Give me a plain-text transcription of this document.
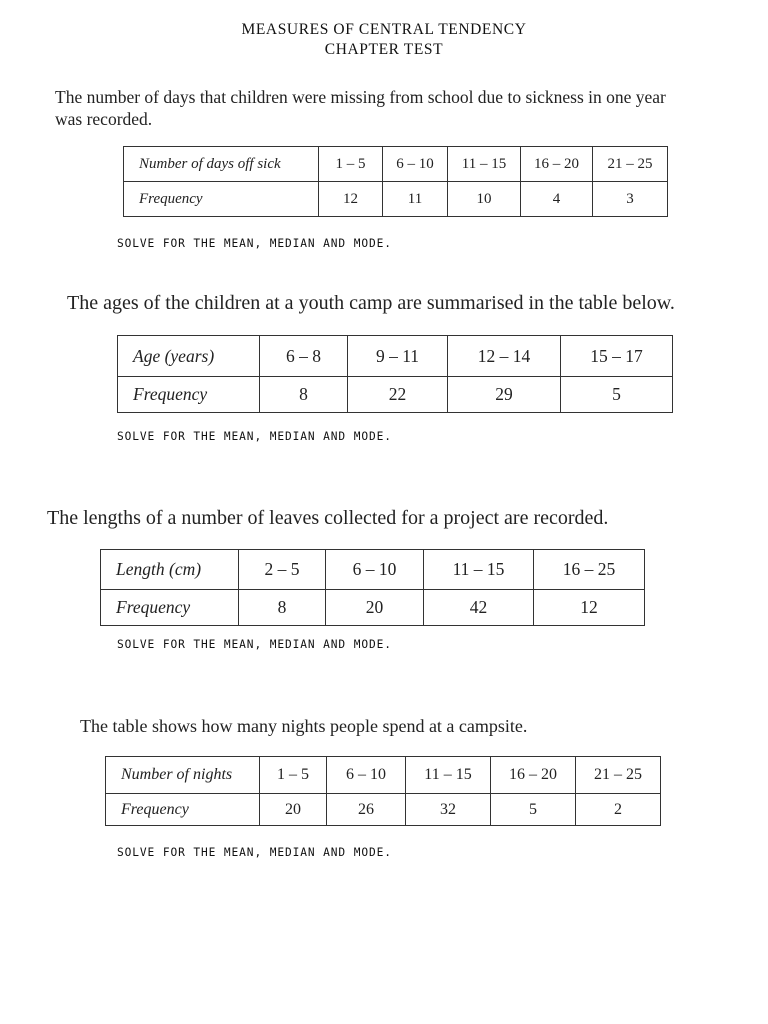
MEASURES OF CENTRAL TENDENCY
CHAPTER TEST
The number of days that children were missing from school due to sickness in one year
was recorded.
Number of days off sick	1 – 5	6 – 10	11 – 15	16 – 20	21 – 25
Frequency	12	11	10	4	3
SOLVE FOR THE MEAN, MEDIAN AND MODE.
The ages of the children at a youth camp are summarised in the table below.
Age (years)	6 – 8	9 – 11	12 – 14	15 – 17
Frequency	8	22	29	5
SOLVE FOR THE MEAN, MEDIAN AND MODE.
The lengths of a number of leaves collected for a project are recorded.
Length (cm)	2 – 5	6 – 10	11 – 15	16 – 25
Frequency	8	20	42	12
SOLVE FOR THE MEAN, MEDIAN AND MODE.
The table shows how many nights people spend at a campsite.
Number of nights	1 – 5	6 – 10	11 – 15	16 – 20	21 – 25
Frequency	20	26	32	5	2
SOLVE FOR THE MEAN, MEDIAN AND MODE.
